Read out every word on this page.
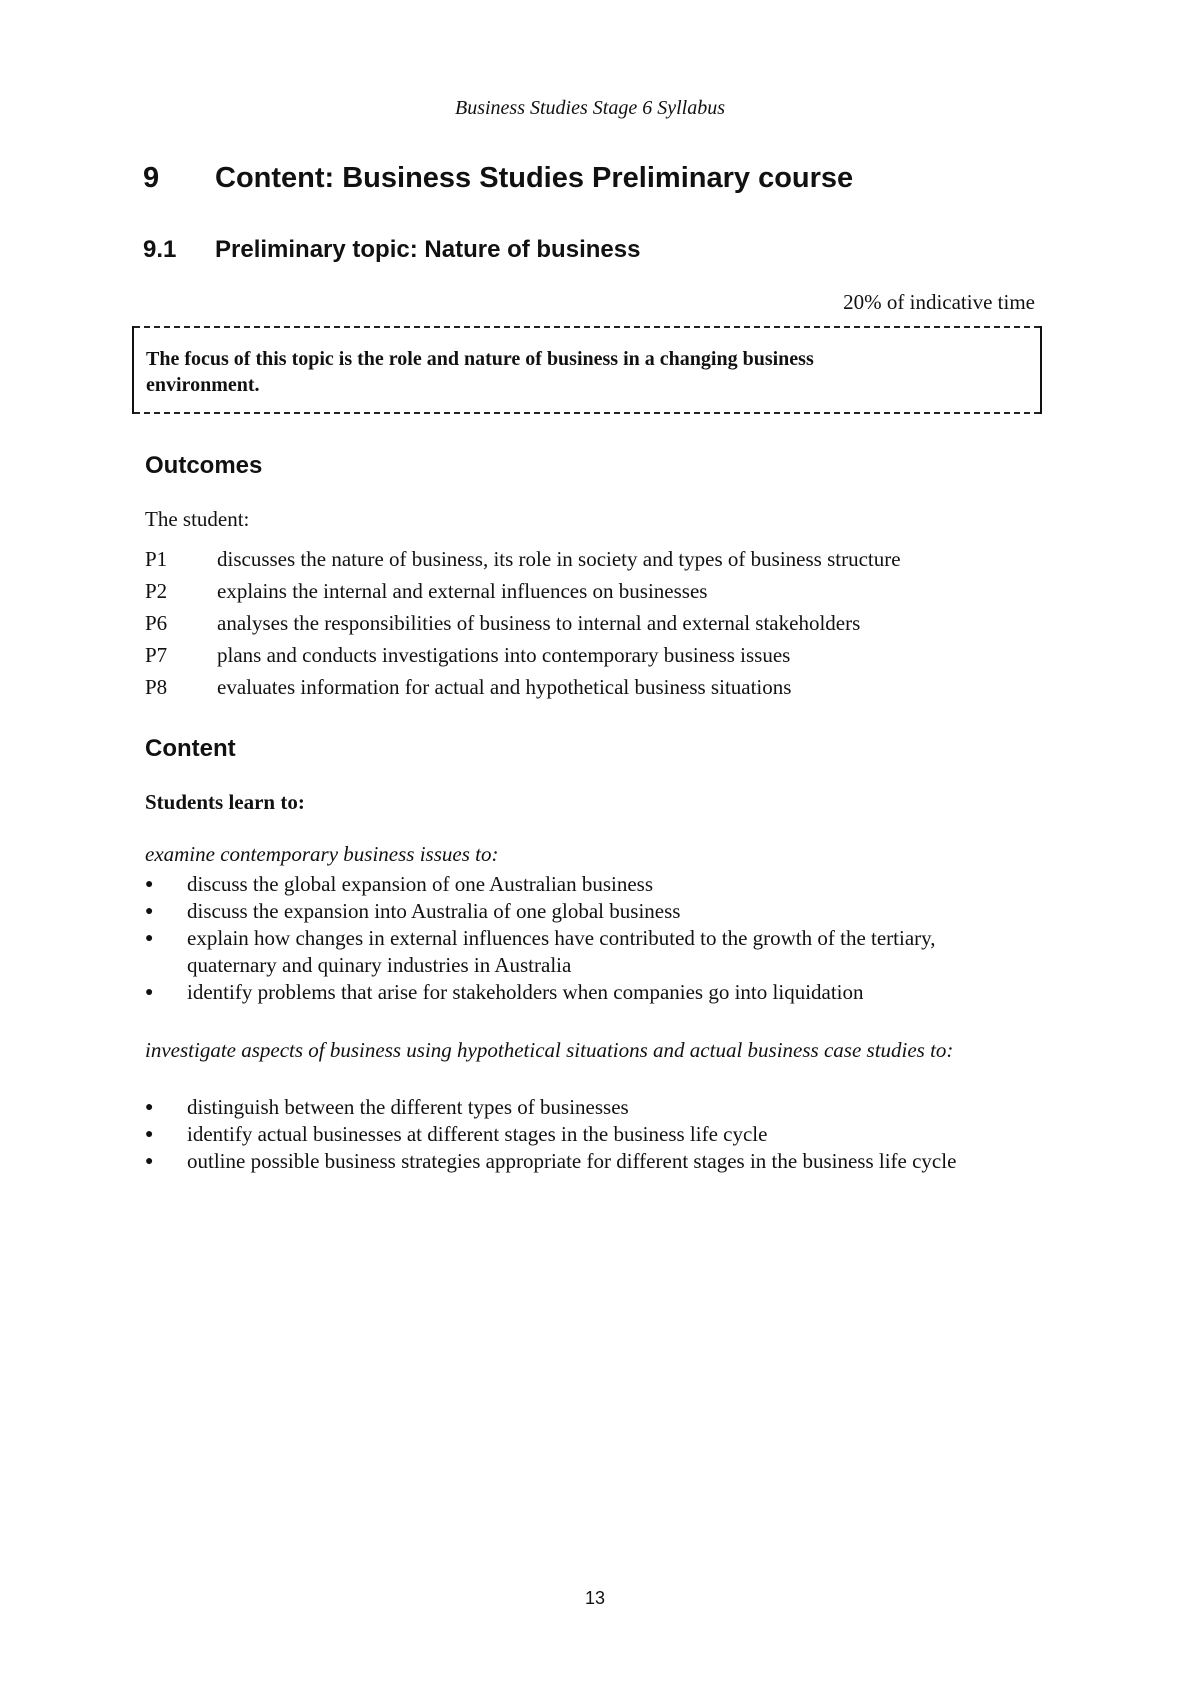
Business Studies Stage 6 Syllabus
9	Content: Business Studies Preliminary course
9.1	Preliminary topic: Nature of business
20% of indicative time
The focus of this topic is the role and nature of business in a changing business environment.
Outcomes
The student:
P1	discusses the nature of business, its role in society and types of business structure
P2	explains the internal and external influences on businesses
P6	analyses the responsibilities of business to internal and external stakeholders
P7	plans and conducts investigations into contemporary business issues
P8	evaluates information for actual and hypothetical business situations
Content
Students learn to:
examine contemporary business issues to:
●	discuss the global expansion of one Australian business
●	discuss the expansion into Australia of one global business
●	explain how changes in external influences have contributed to the growth of the tertiary, quaternary and quinary industries in Australia
●	identify problems that arise for stakeholders when companies go into liquidation
investigate aspects of business using hypothetical situations and actual business case studies to:
●	distinguish between the different types of businesses
●	identify actual businesses at different stages in the business life cycle
●	outline possible business strategies appropriate for different stages in the business life cycle
13
